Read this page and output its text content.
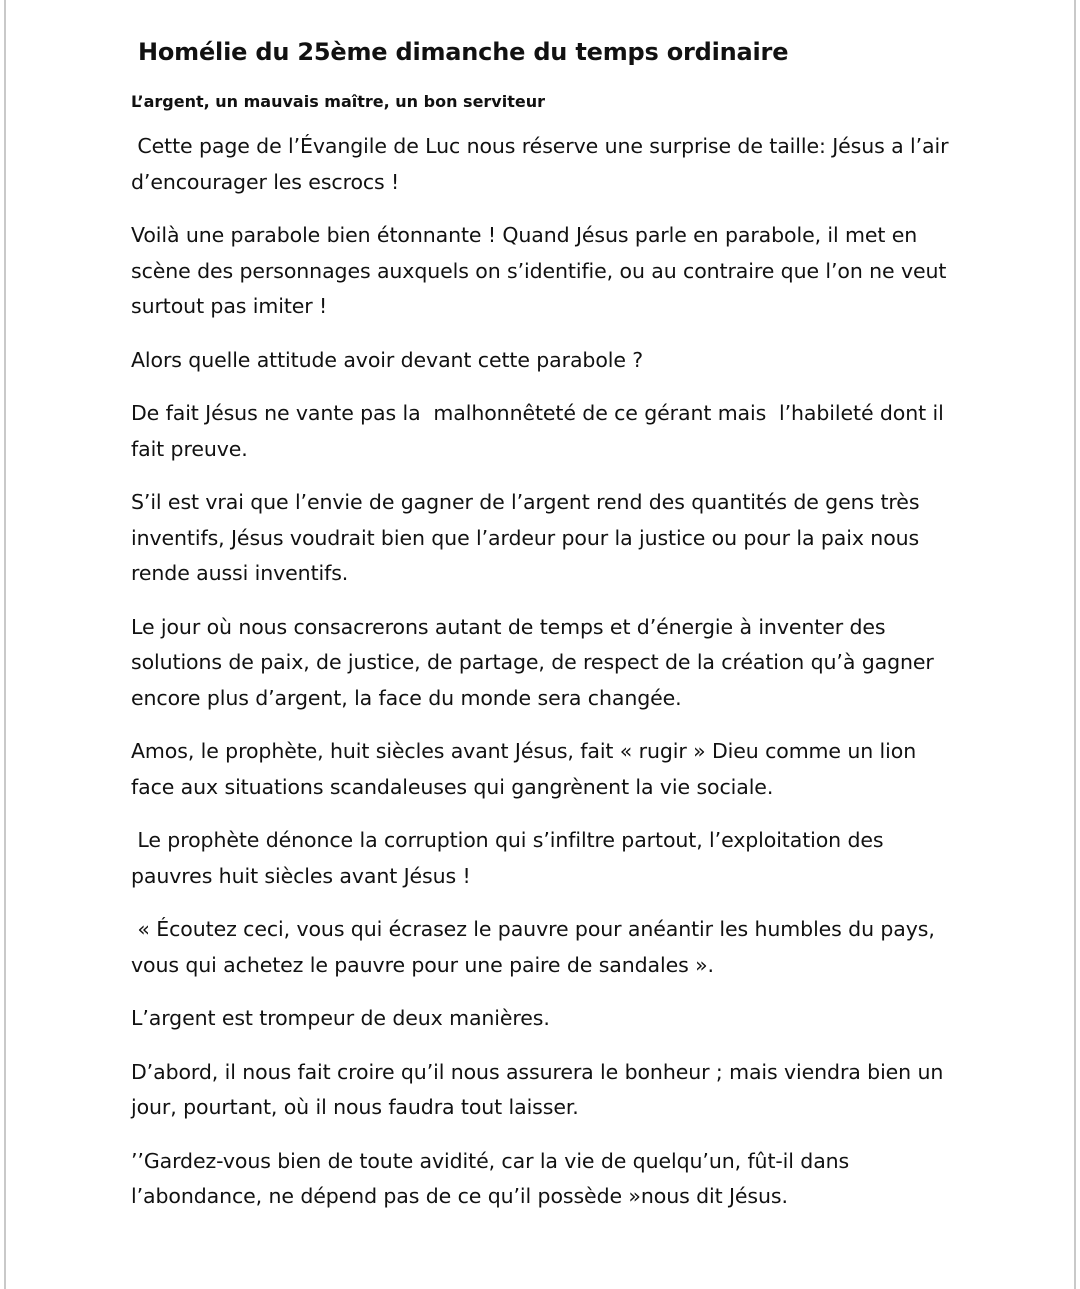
Homélie du 25ème dimanche du temps ordinaire
L’argent, un mauvais maître, un bon serviteur

Cette page de l’Évangile de Luc nous réserve une surprise de taille: Jésus a l’air d’encourager les escrocs !

Voilà une parabole bien étonnante ! Quand Jésus parle en parabole, il met en scène des personnages auxquels on s’identifie, ou au contraire que l’on ne veut surtout pas imiter !

Alors quelle attitude avoir devant cette parabole ?

De fait Jésus ne vante pas la  malhonnêteté de ce gérant mais  l’habileté dont il fait preuve.

S’il est vrai que l’envie de gagner de l’argent rend des quantités de gens très inventifs, Jésus voudrait bien que l’ardeur pour la justice ou pour la paix nous rende aussi inventifs.

Le jour où nous consacrerons autant de temps et d’énergie à inventer des solutions de paix, de justice, de partage, de respect de la création qu’à gagner encore plus d’argent, la face du monde sera changée.

Amos, le prophète, huit siècles avant Jésus, fait « rugir » Dieu comme un lion face aux situations scandaleuses qui gangrènent la vie sociale.

Le prophète dénonce la corruption qui s’infiltre partout, l’exploitation des pauvres huit siècles avant Jésus !

« Écoutez ceci, vous qui écrasez le pauvre pour anéantir les humbles du pays, vous qui achetez le pauvre pour une paire de sandales ».

L’argent est trompeur de deux manières.

D’abord, il nous fait croire qu’il nous assurera le bonheur ; mais viendra bien un jour, pourtant, où il nous faudra tout laisser.

’’Gardez-vous bien de toute avidité, car la vie de quelqu’un, fût-il dans l’abondance, ne dépend pas de ce qu’il possède »nous dit Jésus.
